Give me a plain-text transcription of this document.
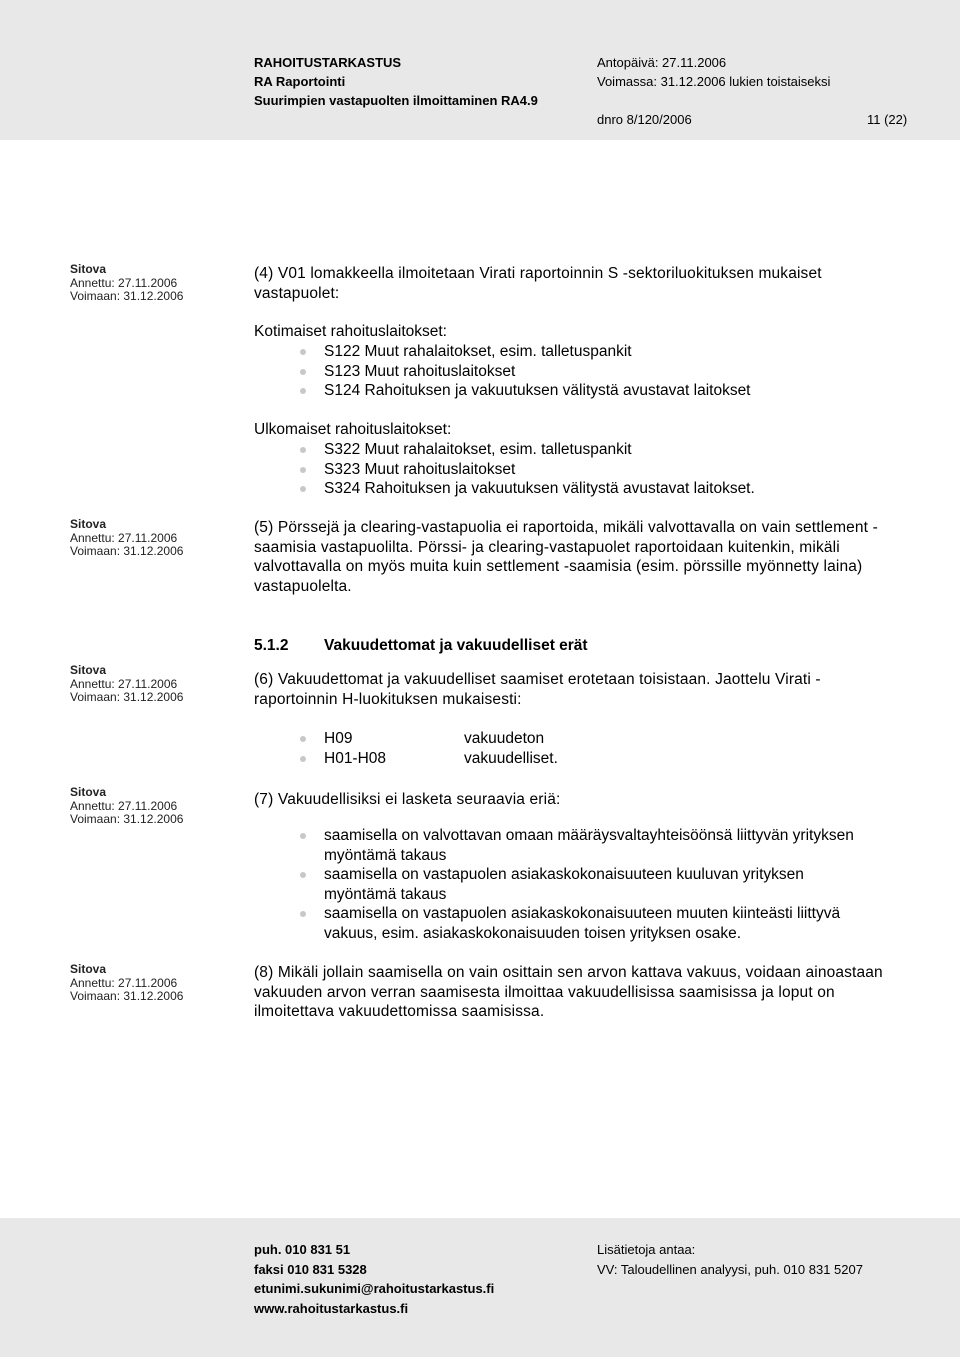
RAHOITUSTARKASTUS
RA Raportointi
Suurimpien vastapuolten ilmoittaminen RA4.9
Antopäivä: 27.11.2006
Voimassa: 31.12.2006 lukien toistaiseksi
dnro 8/120/2006	11 (22)
Sitova
Annettu: 27.11.2006
Voimaan: 31.12.2006
(4) V01 lomakkeella ilmoitetaan Virati raportoinnin S -sektoriluokituksen mukaiset vastapuolet:
Kotimaiset rahoituslaitokset:
S122 Muut rahalaitokset, esim. talletuspankit
S123 Muut rahoituslaitokset
S124 Rahoituksen ja vakuutuksen välitystä avustavat laitokset
Ulkomaiset rahoituslaitokset:
S322 Muut rahalaitokset, esim. talletuspankit
S323 Muut rahoituslaitokset
S324 Rahoituksen ja vakuutuksen välitystä avustavat laitokset.
Sitova
Annettu: 27.11.2006
Voimaan: 31.12.2006
(5) Pörssejä ja clearing-vastapuolia ei raportoida, mikäli valvottavalla on vain settlement -saamisia vastapuolilta. Pörssi- ja clearing-vastapuolet raportoidaan kuitenkin, mikäli valvottavalla on myös muita kuin settlement -saamisia (esim. pörssille myönnetty laina) vastapuolelta.
5.1.2 Vakuudettomat ja vakuudelliset erät
Sitova
Annettu: 27.11.2006
Voimaan: 31.12.2006
(6) Vakuudettomat ja vakuudelliset saamiset erotetaan toisistaan. Jaottelu Virati -raportoinnin H-luokituksen mukaisesti:
H09	vakuudeton
H01-H08	vakuudelliset.
Sitova
Annettu: 27.11.2006
Voimaan: 31.12.2006
(7) Vakuudellisiksi ei lasketa seuraavia eriä:
saamisella on valvottavan omaan määräysvaltayhteisöönsä liittyvän yrityksen myöntämä takaus
saamisella on vastapuolen asiakaskokonaisuuteen kuuluvan yrityksen myöntämä takaus
saamisella on vastapuolen asiakaskokonaisuuteen muuten kiinteästi liittyvä vakuus, esim. asiakaskokonaisuuden toisen yrityksen osake.
Sitova
Annettu: 27.11.2006
Voimaan: 31.12.2006
(8) Mikäli jollain saamisella on vain osittain sen arvon kattava vakuus, voidaan ainoastaan vakuuden arvon verran saamisesta ilmoittaa vakuudellisissa saamisissa ja loput on ilmoitettava vakuudettomissa saamisissa.
puh. 010 831 51
faksi 010 831 5328
etunimi.sukunimi@rahoitustarkastus.fi
www.rahoitustarkastus.fi
Lisätietoja antaa:
VV: Taloudellinen analyysi, puh. 010 831 5207
